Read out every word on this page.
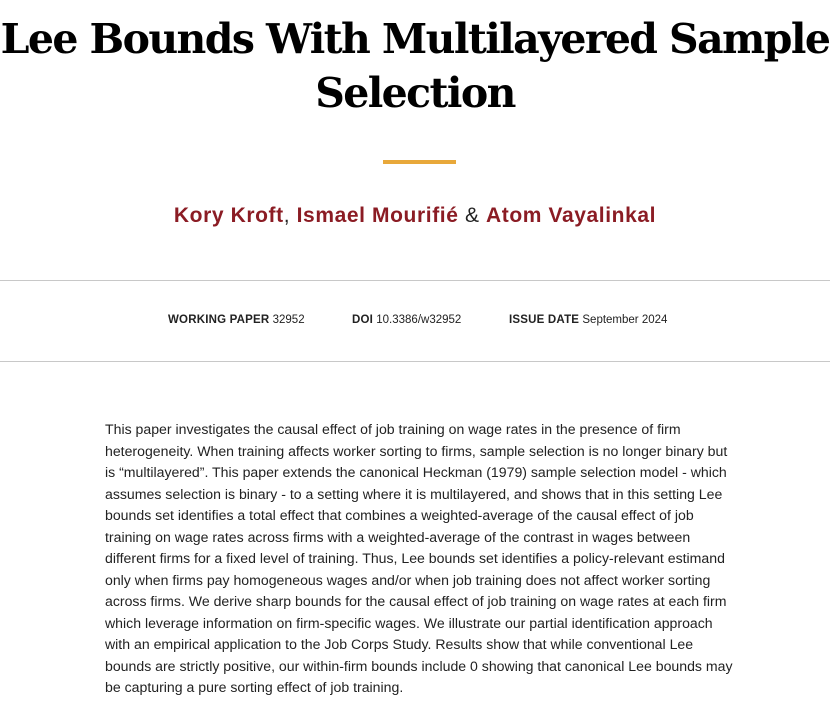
Lee Bounds With Multilayered Sample Selection
Kory Kroft, Ismael Mourifié & Atom Vayalinkal
WORKING PAPER 32952	DOI 10.3386/w32952	ISSUE DATE September 2024

This paper investigates the causal effect of job training on wage rates in the presence of firm heterogeneity. When training affects worker sorting to firms, sample selection is no longer binary but is “multilayered”. This paper extends the canonical Heckman (1979) sample selection model - which assumes selection is binary - to a setting where it is multilayered, and shows that in this setting Lee bounds set identifies a total effect that combines a weighted-average of the causal effect of job training on wage rates across firms with a weighted-average of the contrast in wages between different firms for a fixed level of training. Thus, Lee bounds set identifies a policy-relevant estimand only when firms pay homogeneous wages and/or when job training does not affect worker sorting across firms. We derive sharp bounds for the causal effect of job training on wage rates at each firm which leverage information on firm-specific wages. We illustrate our partial identification approach with an empirical application to the Job Corps Study. Results show that while conventional Lee bounds are strictly positive, our within-firm bounds include 0 showing that canonical Lee bounds may be capturing a pure sorting effect of job training.
